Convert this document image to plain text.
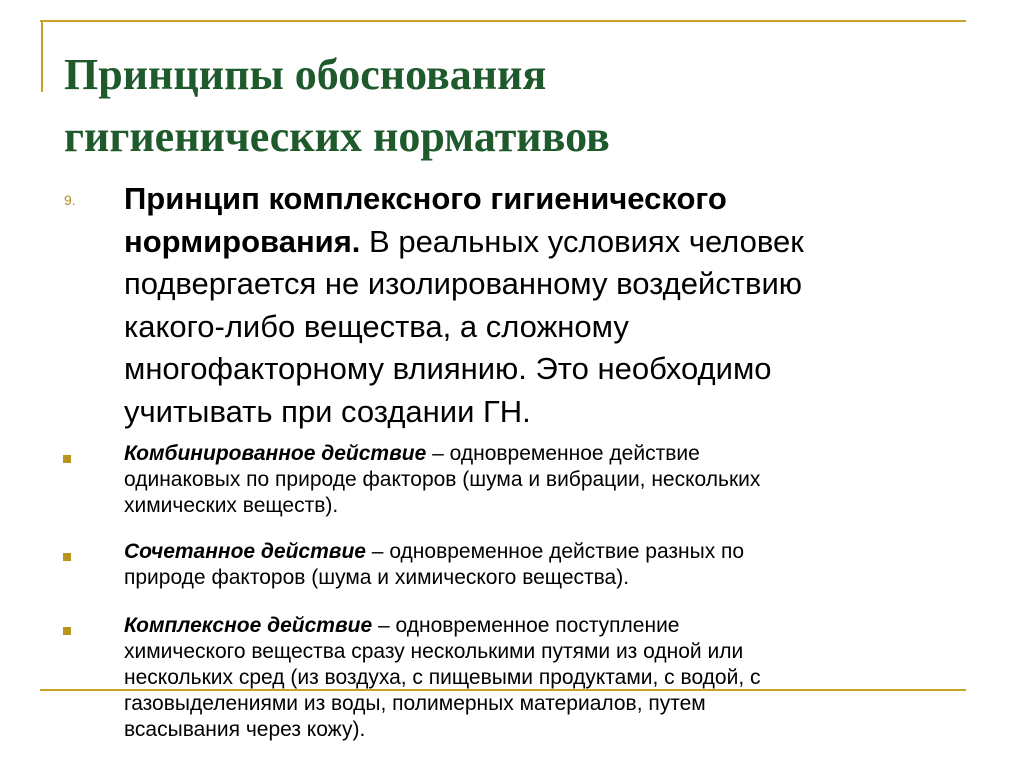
Принципы обоснования
гигиенических нормативов
9. Принцип комплексного гигиенического
нормирования. В реальных условиях человек
подвергается не изолированному воздействию
какого-либо вещества, а сложному
многофакторному влиянию. Это необходимо
учитывать при создании ГН.

Комбинированное действие – одновременное действие
одинаковых по природе факторов (шума и вибрации, нескольких
химических веществ).

Сочетанное действие – одновременное действие разных по
природе факторов (шума и химического вещества).

Комплексное действие – одновременное поступление
химического вещества сразу несколькими путями из одной или
нескольких сред (из воздуха, с пищевыми продуктами, с водой, с
газовыделениями из воды, полимерных материалов, путем
всасывания через кожу).
